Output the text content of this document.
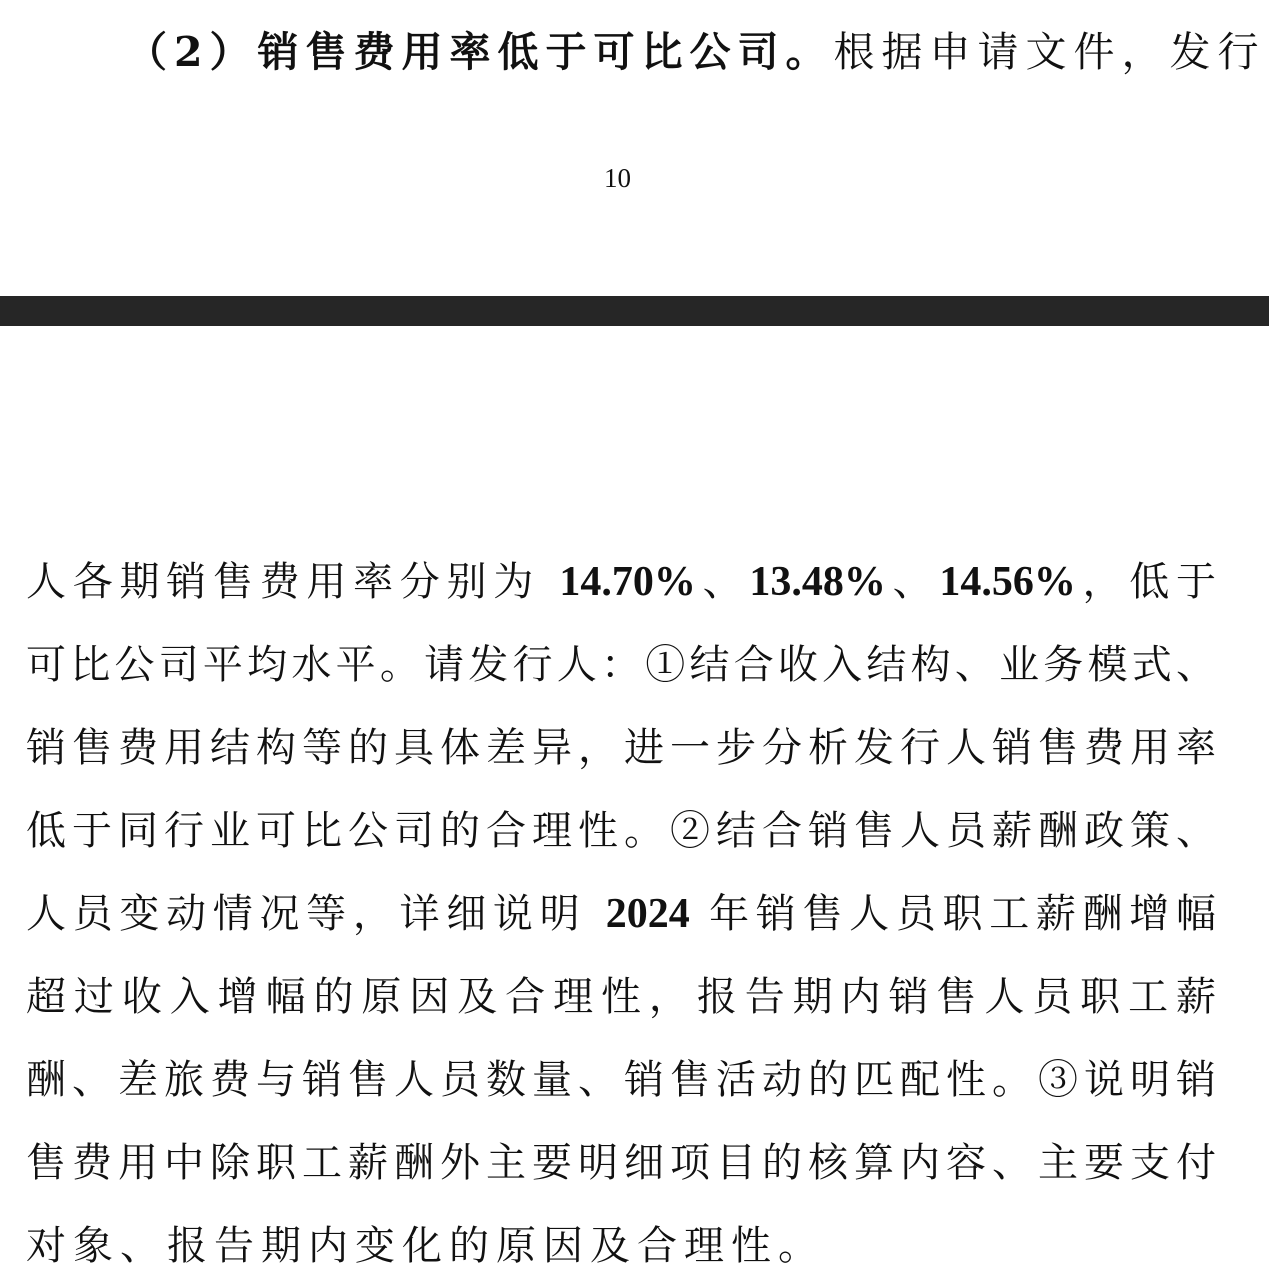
（2）销售费用率低于可比公司。根据申请文件，发行
10

人各期销售费用率分别为 14.70%、13.48%、14.56%，低于
可比公司平均水平。请发行人：①结合收入结构、业务模式、
销售费用结构等的具体差异，进一步分析发行人销售费用率
低于同行业可比公司的合理性。②结合销售人员薪酬政策、
人员变动情况等，详细说明 2024 年销售人员职工薪酬增幅
超过收入增幅的原因及合理性，报告期内销售人员职工薪
酬、差旅费与销售人员数量、销售活动的匹配性。③说明销
售费用中除职工薪酬外主要明细项目的核算内容、主要支付
对象、报告期内变化的原因及合理性。
